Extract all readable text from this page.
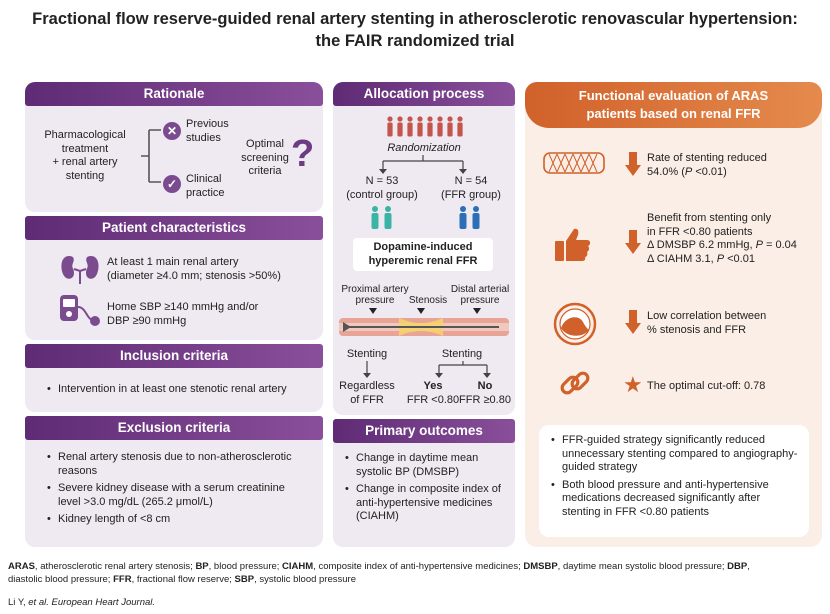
Fractional flow reserve-guided renal artery stenting in atherosclerotic renovascular hypertension:
the FAIR randomized trial
Rationale
Pharmacological
treatment
+ renal artery
stenting
✕ Previous
studies
✓ Clinical
practice
Optimal
screening
criteria ?
Patient characteristics
At least 1 main renal artery
(diameter ≥4.0 mm; stenosis >50%)
Home SBP ≥140 mmHg and/or
DBP ≥90 mmHg
Inclusion criteria
• Intervention in at least one stenotic renal artery
Exclusion criteria
• Renal artery stenosis due to non-atherosclerotic reasons
• Severe kidney disease with a serum creatinine level >3.0 mg/dL (265.2 μmol/L)
• Kidney length of <8 cm
Allocation process
Randomization
N = 53
(control group)
N = 54
(FFR group)
Dopamine-induced
hyperemic renal FFR
Proximal artery
pressure	Stenosis
Distal arterial
pressure
Stenting	Stenting
Regardless
of FFR
Yes
FFR <0.80
No
FFR ≥0.80
Primary outcomes
• Change in daytime mean systolic BP (DMSBP)
• Change in composite index of anti-hypertensive medicines (CIAHM)
Functional evaluation of ARAS
patients based on renal FFR
Rate of stenting reduced
54.0% (P <0.01)
Benefit from stenting only
in FFR <0.80 patients
Δ DMSBP 6.2 mmHg, P = 0.04
Δ CIAHM 3.1, P <0.01
Low correlation between
% stenosis and FFR
★ The optimal cut-off: 0.78
• FFR-guided strategy significantly reduced unnecessary stenting compared to angiography-guided strategy
• Both blood pressure and anti-hypertensive medications decreased significantly after stenting in FFR <0.80 patients
ARAS, atherosclerotic renal artery stenosis; BP, blood pressure; CIAHM, composite index of anti-hypertensive medicines; DMSBP, daytime mean systolic blood pressure; DBP,
diastolic blood pressure; FFR, fractional flow reserve; SBP, systolic blood pressure
Li Y, et al. European Heart Journal.
